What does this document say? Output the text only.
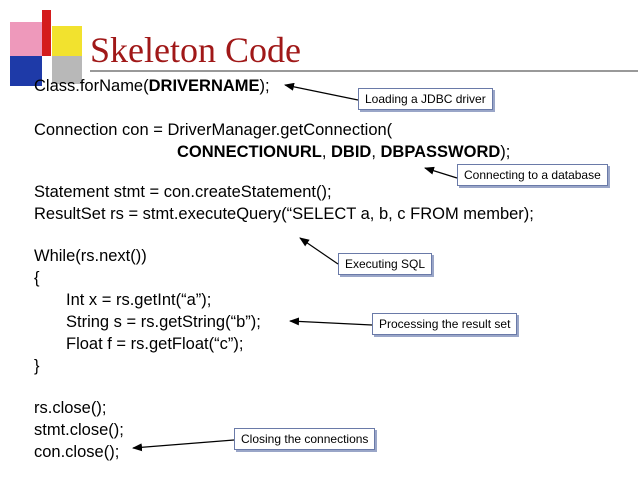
Skeleton Code
Class.forName(DRIVERNAME);
Connection con = DriverManager.getConnection(
CONNECTIONURL, DBID, DBPASSWORD);
Statement stmt = con.createStatement();
ResultSet rs = stmt.executeQuery(“SELECT a, b, c FROM member);
While(rs.next())
{
Int x = rs.getInt(“a”);
String s = rs.getString(“b”);
Float f = rs.getFloat(“c”);
}
rs.close();
stmt.close();
con.close();
Loading a JDBC driver
Connecting to a database
Executing SQL
Processing the result set
Closing the connections
